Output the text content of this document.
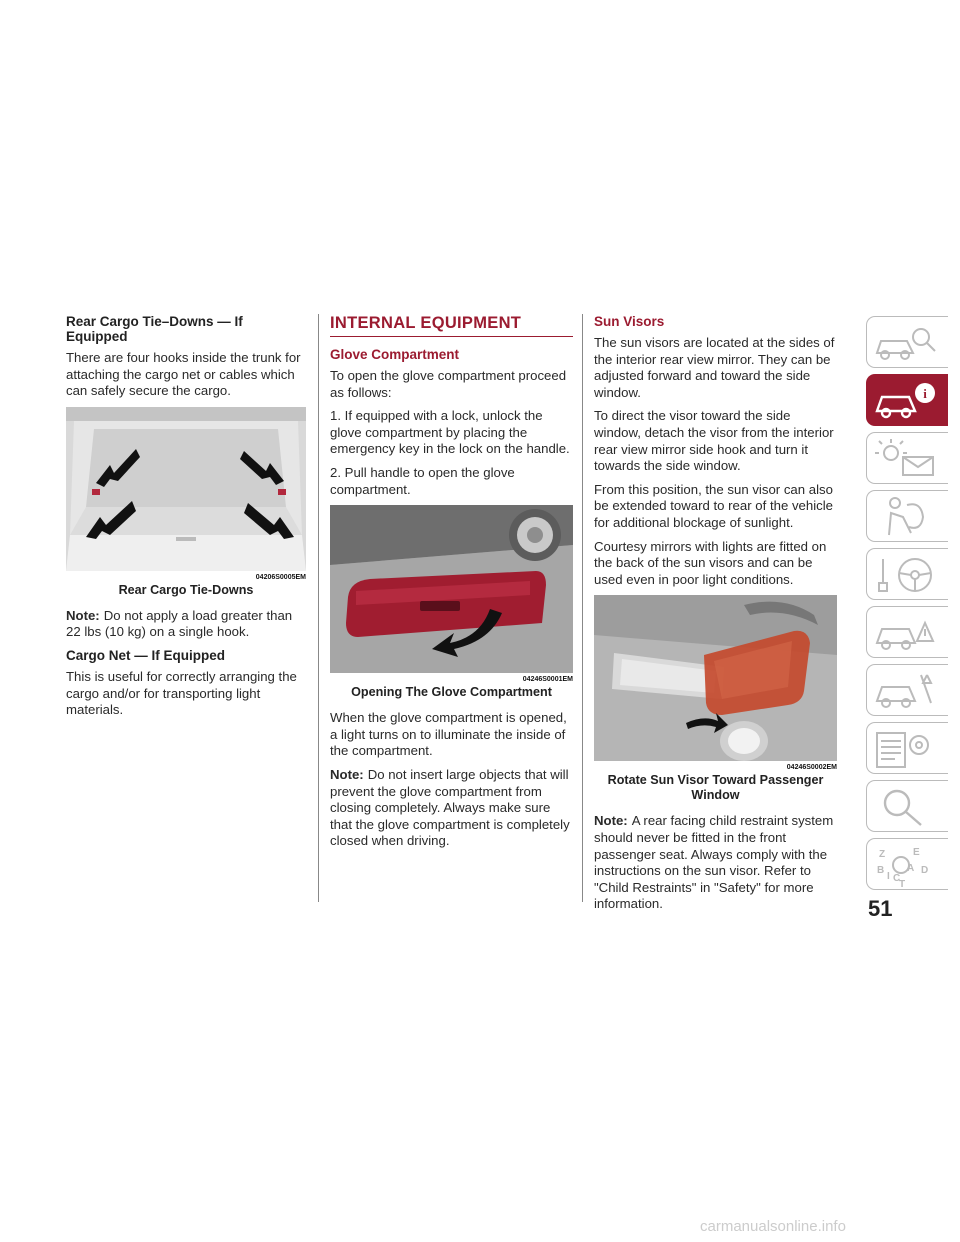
Rear Cargo Tie–Downs — If Equipped

There are four hooks inside the trunk for attaching the cargo net or cables which can safely secure the cargo.

04206S0005EM
Rear Cargo Tie-Downs

Note: Do not apply a load greater than 22 lbs (10 kg) on a single hook.

Cargo Net — If Equipped

This is useful for correctly arranging the cargo and/or for transporting light materials.

INTERNAL EQUIPMENT
Glove Compartment

To open the glove compartment proceed as follows:

1. If equipped with a lock, unlock the glove compartment by placing the emergency key in the lock on the handle.

2. Pull handle to open the glove compartment.

04246S0001EM
Opening The Glove Compartment

When the glove compartment is opened, a light turns on to illuminate the inside of the compartment.

Note: Do not insert large objects that will prevent the glove compartment from closing completely. Always make sure that the glove compartment is completely closed when driving.

Sun Visors

The sun visors are located at the sides of the interior rear view mirror. They can be adjusted forward and toward the side window.

To direct the visor toward the side window, detach the visor from the interior rear view mirror side hook and turn it towards the side window.

From this position, the sun visor can also be extended toward to rear of the vehicle for additional blockage of sunlight.

Courtesy mirrors with lights are fitted on the back of the sun visors and can be used even in poor light conditions.

04246S0002EM
Rotate Sun Visor Toward Passenger Window

Note: A rear facing child restraint system should never be fitted in the front passenger seat. Always comply with the instructions on the sun visor. Refer to "Child Restraints" in "Safety" for more information.

i
Z	E
B
I C
A D
T
51
carmanualsonline.info
